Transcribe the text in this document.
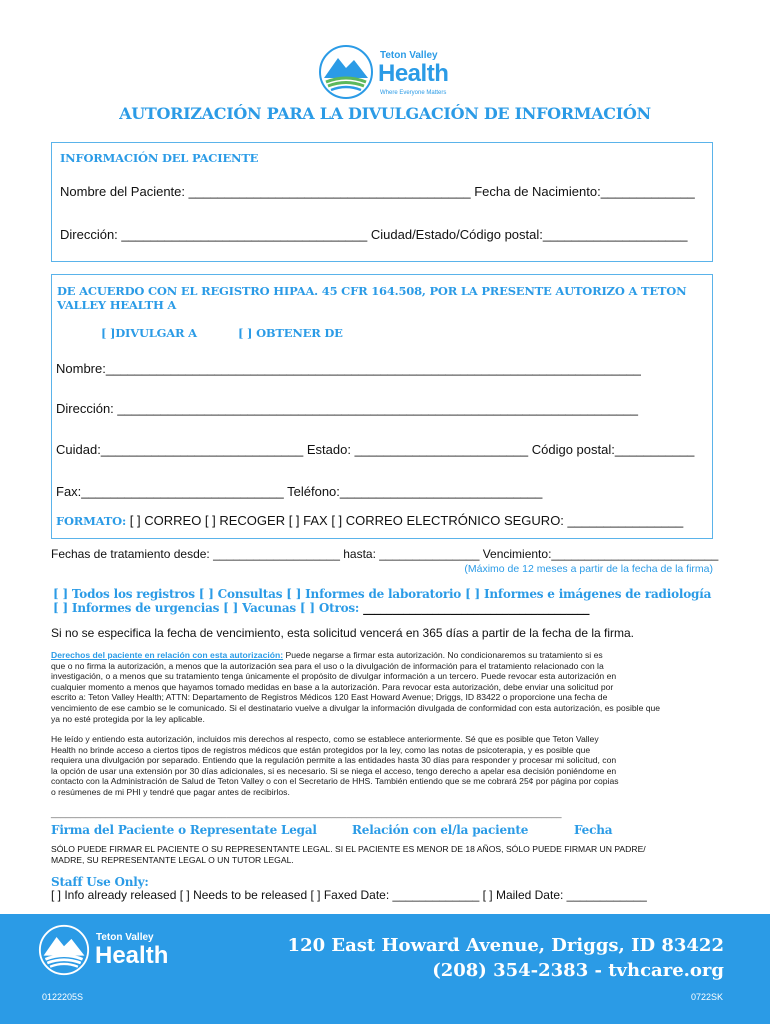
Teton Valley
Health
Where Everyone Matters
AUTORIZACIÓN PARA LA DIVULGACIÓN DE INFORMACIÓN
INFORMACIÓN DEL PACIENTE
Nombre del Paciente: _______________________________________ Fecha de Nacimiento:_____________
Dirección: __________________________________ Ciudad/Estado/Código postal:____________________
DE ACUERDO CON EL REGISTRO HIPAA. 45 CFR 164.508, POR LA PRESENTE AUTORIZO A TETON
VALLEY HEALTH A
[ ]DIVULGAR A	[ ] OBTENER DE
Nombre:__________________________________________________________________________
Dirección: ________________________________________________________________________
Cuidad:____________________________ Estado: ________________________ Código postal:___________
Fax:____________________________ Teléfono:____________________________
FORMATO: [ ] CORREO [ ] RECOGER [ ] FAX [ ] CORREO ELECTRÓNICO SEGURO: ________________
Fechas de tratamiento desde: ___________________ hasta: _______________ Vencimiento:_________________________
(Máximo de 12 meses a partir de la fecha de la firma)
[ ] Todos los registros [ ] Consultas [ ] Informes de laboratorio [ ] Informes e imágenes de radiología
[ ] Informes de urgencias [ ] Vacunas [ ] Otros: _______________________________________
Si no se especifica la fecha de vencimiento, esta solicitud vencerá en 365 días a partir de la fecha de la firma.
Derechos del paciente en relación con esta autorización: Puede negarse a firmar esta autorización. No condicionaremos su tratamiento si es
que o no firma la autorización, a menos que la autorización sea para el uso o la divulgación de información para el tratamiento relacionado con la
investigación, o a menos que su tratamiento tenga únicamente el propósito de divulgar información a un tercero. Puede revocar esta autorización en
cualquier momento a menos que hayamos tomado medidas en base a la autorización. Para revocar esta autorización, debe enviar una solicitud por
escrito a: Teton Valley Health; ATTN: Departamento de Registros Médicos 120 East Howard Avenue; Driggs, ID 83422 o proporcione una fecha de
vencimiento de ese cambio se le comunicado. Si el destinatario vuelve a divulgar la información divulgada de conformidad con esta autorización, es posible que
ya no esté protegida por la ley aplicable.
He leído y entiendo esta autorización, incluidos mis derechos al respecto, como se establece anteriormente. Sé que es posible que Teton Valley
Health no brinde acceso a ciertos tipos de registros médicos que están protegidos por la ley, como las notas de psicoterapia, y es posible que
requiera una divulgación por separado. Entiendo que la regulación permite a las entidades hasta 30 días para responder y procesar mi solicitud, con
la opción de usar una extensión por 30 días adicionales, si es necesario. Si se niega el acceso, tengo derecho a apelar esa decisión poniéndome en
contacto con la Administración de Salud de Teton Valley o con el Secretario de HHS. También entiendo que se me cobrará 25¢ por página por copias
o resúmenes de mi PHI y tendré que pagar antes de recibirlos.
______________________________________________________________________________________________________
Firma del Paciente o Representate Legal	Relación con el/la paciente	Fecha
SÓLO PUEDE FIRMAR EL PACIENTE O SU REPRESENTANTE LEGAL. SI EL PACIENTE ES MENOR DE 18 AÑOS, SÓLO PUEDE FIRMAR UN PADRE/
MADRE, SU REPRESENTANTE LEGAL O UN TUTOR LEGAL.
Staff Use Only:
[ ] Info already released [ ] Needs to be released [ ] Faxed Date: _____________ [ ] Mailed Date: ____________
Teton Valley
Health	120 East Howard Avenue, Driggs, ID 83422
(208) 354-2383 - tvhcare.org
0122205S	0722SK
